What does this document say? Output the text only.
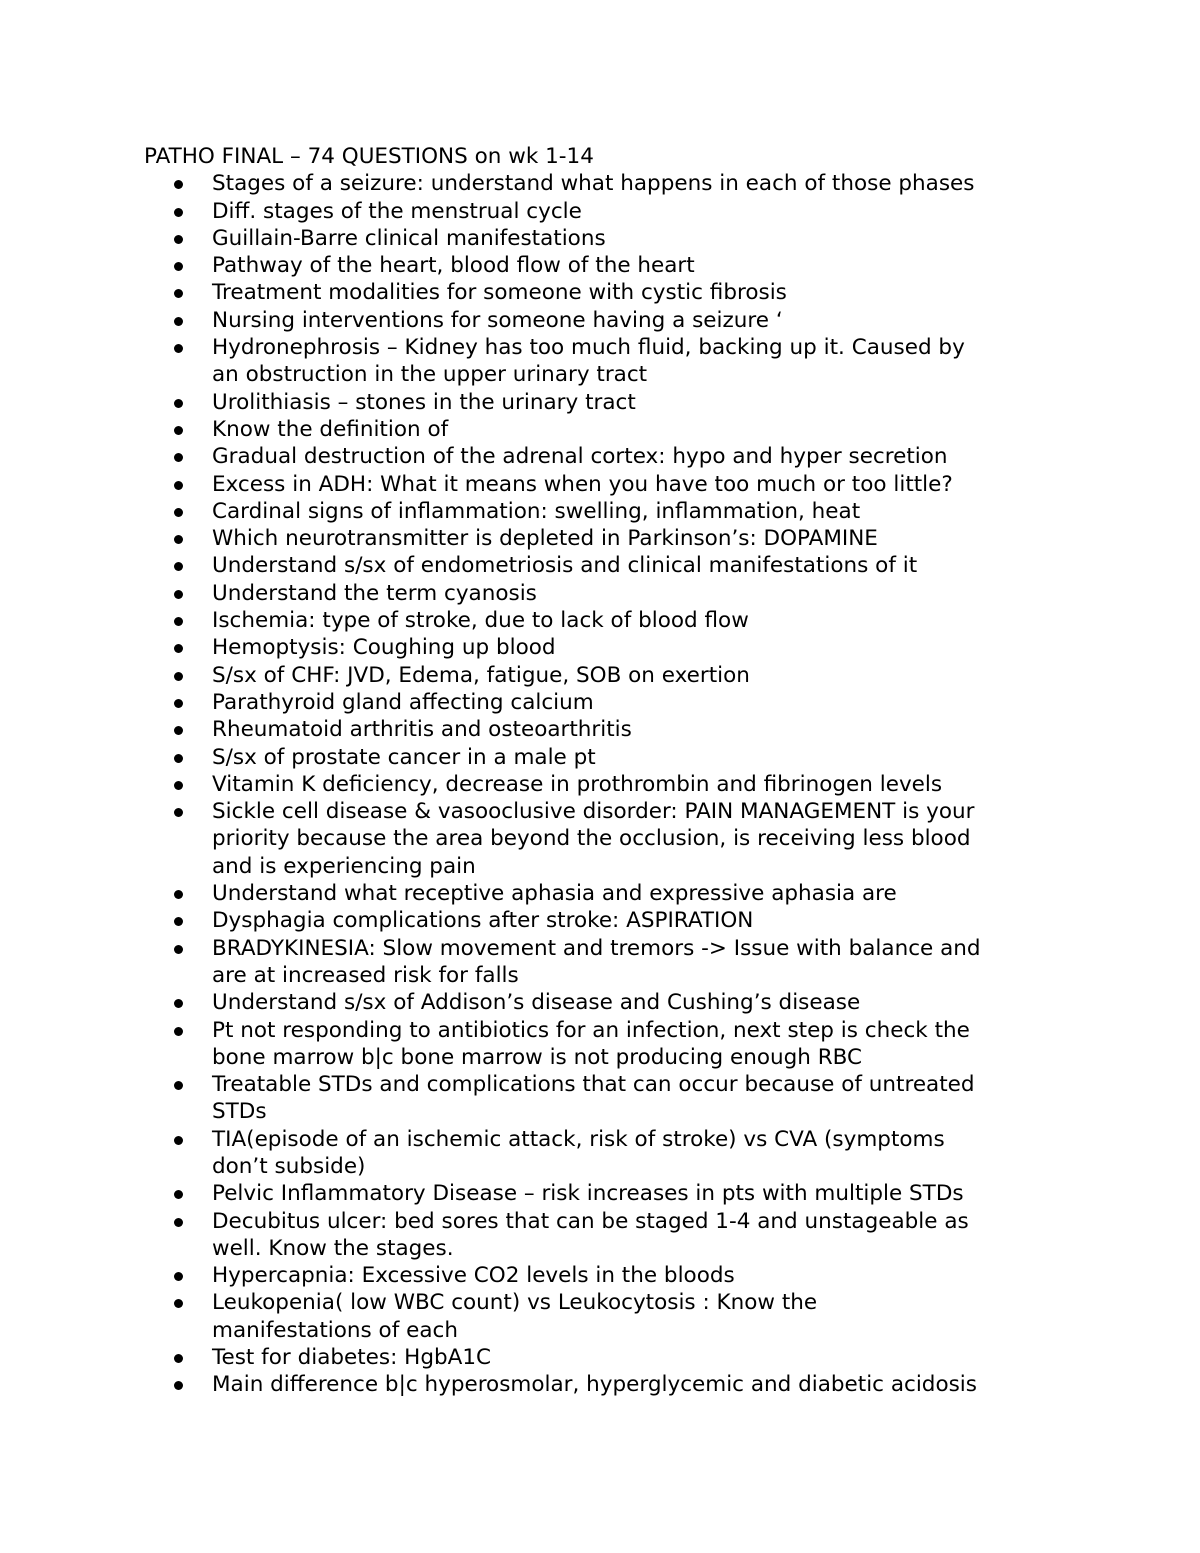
PATHO FINAL – 74 QUESTIONS on wk 1-14
Stages of a seizure: understand what happens in each of those phases
Diff. stages of the menstrual cycle
Guillain-Barre clinical manifestations
Pathway of the heart, blood flow of the heart
Treatment modalities for someone with cystic fibrosis
Nursing interventions for someone having a seizure ‘
Hydronephrosis – Kidney has too much fluid, backing up it. Caused by
an obstruction in the upper urinary tract
Urolithiasis – stones in the urinary tract
Know the definition of
Gradual destruction of the adrenal cortex: hypo and hyper secretion
Excess in ADH: What it means when you have too much or too little?
Cardinal signs of inflammation: swelling, inflammation, heat
Which neurotransmitter is depleted in Parkinson’s: DOPAMINE
Understand s/sx of endometriosis and clinical manifestations of it
Understand the term cyanosis
Ischemia: type of stroke, due to lack of blood flow
Hemoptysis: Coughing up blood
S/sx of CHF: JVD, Edema, fatigue, SOB on exertion
Parathyroid gland affecting calcium
Rheumatoid arthritis and osteoarthritis
S/sx of prostate cancer in a male pt
Vitamin K deficiency, decrease in prothrombin and fibrinogen levels
Sickle cell disease & vasooclusive disorder: PAIN MANAGEMENT is your
priority because the area beyond the occlusion, is receiving less blood
and is experiencing pain
Understand what receptive aphasia and expressive aphasia are
Dysphagia complications after stroke: ASPIRATION
BRADYKINESIA: Slow movement and tremors -> Issue with balance and
are at increased risk for falls
Understand s/sx of Addison’s disease and Cushing’s disease
Pt not responding to antibiotics for an infection, next step is check the
bone marrow b|c bone marrow is not producing enough RBC
Treatable STDs and complications that can occur because of untreated
STDs
TIA(episode of an ischemic attack, risk of stroke) vs CVA (symptoms
don’t subside)
Pelvic Inflammatory Disease – risk increases in pts with multiple STDs
Decubitus ulcer: bed sores that can be staged 1-4 and unstageable as
well. Know the stages.
Hypercapnia: Excessive CO2 levels in the bloods
Leukopenia( low WBC count) vs Leukocytosis : Know the
manifestations of each
Test for diabetes: HgbA1C
Main difference b|c hyperosmolar, hyperglycemic and diabetic acidosis
